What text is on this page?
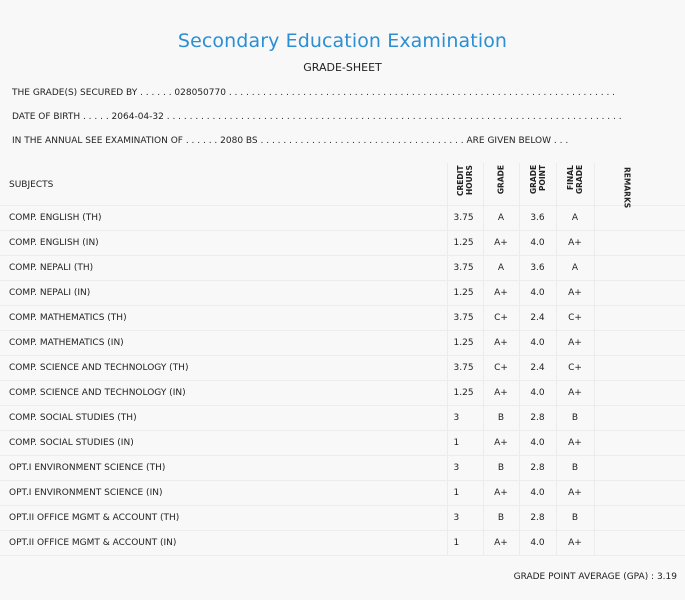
Secondary Education Examination
GRADE-SHEET
THE GRADE(S) SECURED BY . . . . . . 028050770 . . . . . . . . . . . . . . . . . . . . . . . . . . . . . . . . . . . . . . . . . . . . . . . . . . . . . . . . . . . . . . . . . . . .
DATE OF BIRTH . . . . . 2064-04-32 . . . . . . . . . . . . . . . . . . . . . . . . . . . . . . . . . . . . . . . . . . . . . . . . . . . . . . . . . . . . . . . . . . . . . . . . . . . . . . . .
IN THE ANNUAL SEE EXAMINATION OF . . . . . . 2080 BS . . . . . . . . . . . . . . . . . . . . . . . . . . . . . . . . . . . . ARE GIVEN BELOW . . .
SUBJECTS	CREDIT HOURS	GRADE	GRADE POINT	FINAL GRADE	REMARKS

COMP. ENGLISH (TH)	3.75	A	3.6	A	
COMP. ENGLISH (IN)	1.25	A+	4.0	A+	
COMP. NEPALI (TH)	3.75	A	3.6	A	
COMP. NEPALI (IN)	1.25	A+	4.0	A+	
COMP. MATHEMATICS (TH)	3.75	C+	2.4	C+	
COMP. MATHEMATICS (IN)	1.25	A+	4.0	A+	
COMP. SCIENCE AND TECHNOLOGY (TH)	3.75	C+	2.4	C+	
COMP. SCIENCE AND TECHNOLOGY (IN)	1.25	A+	4.0	A+	
COMP. SOCIAL STUDIES (TH)	3	B	2.8	B	
COMP. SOCIAL STUDIES (IN)	1	A+	4.0	A+	
OPT.I ENVIRONMENT SCIENCE (TH)	3	B	2.8	B	
OPT.I ENVIRONMENT SCIENCE (IN)	1	A+	4.0	A+	
OPT.II OFFICE MGMT & ACCOUNT (TH)	3	B	2.8	B	
OPT.II OFFICE MGMT & ACCOUNT (IN)	1	A+	4.0	A+	
GRADE POINT AVERAGE (GPA) : 3.19
